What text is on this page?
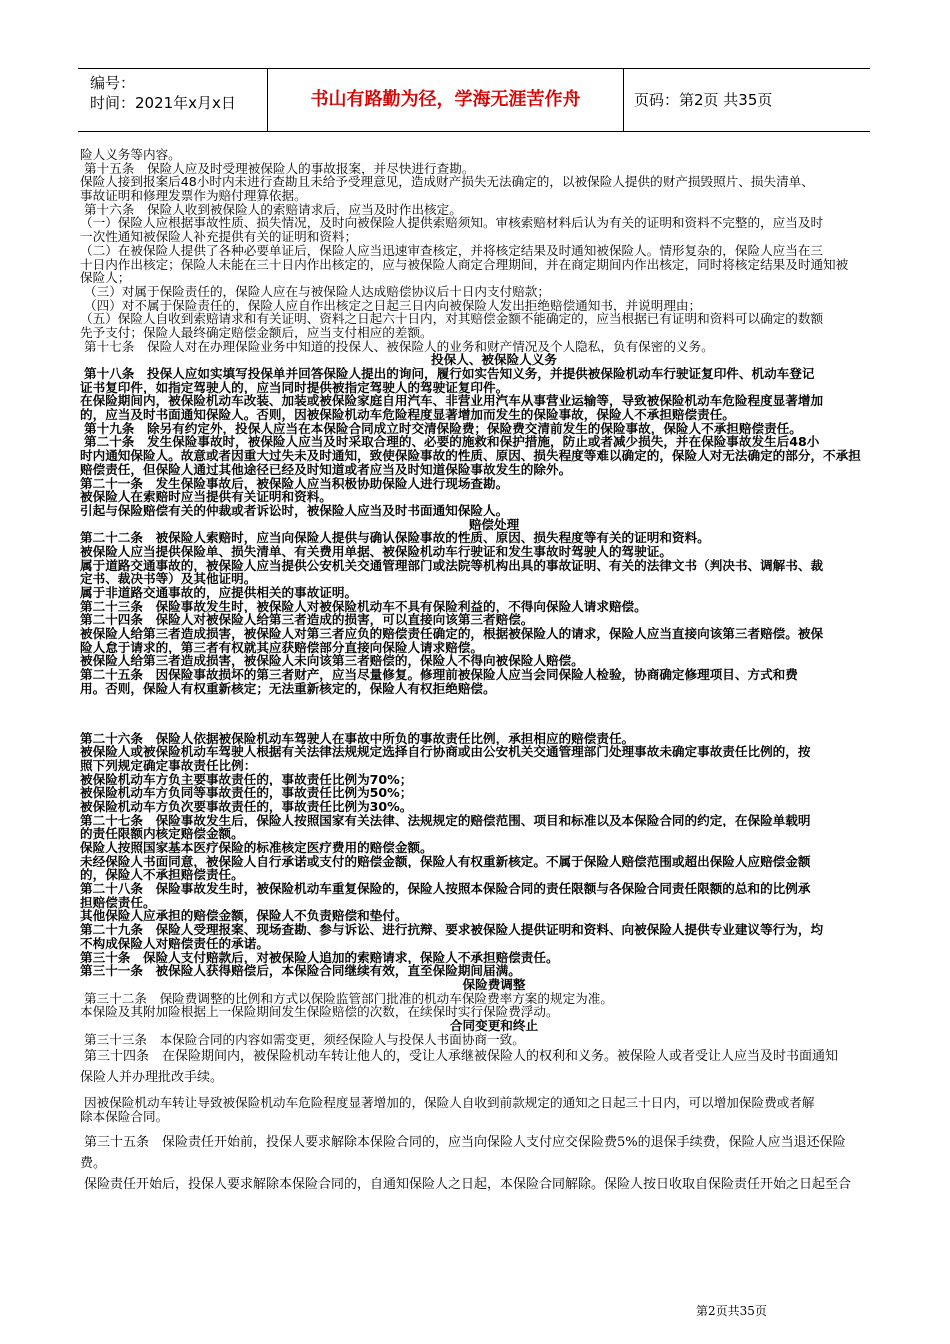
编号：
时间：2021年x月x日	书山有路勤为径，学海无涯苦作舟	页码：第2页 共35页
险人义务等内容。
第十五条　保险人应及时受理被保险人的事故报案，并尽快进行查勘。
保险人接到报案后48小时内未进行查勘且未给予受理意见，造成财产损失无法确定的，以被保险人提供的财产损毁照片、损失清单、
事故证明和修理发票作为赔付理算依据。
第十六条　保险人收到被保险人的索赔请求后，应当及时作出核定。
（一）保险人应根据事故性质、损失情况，及时向被保险人提供索赔须知。审核索赔材料后认为有关的证明和资料不完整的，应当及时
一次性通知被保险人补充提供有关的证明和资料；
（二）在被保险人提供了各种必要单证后，保险人应当迅速审查核定，并将核定结果及时通知被保险人。情形复杂的，保险人应当在三
十日内作出核定；保险人未能在三十日内作出核定的，应与被保险人商定合理期间，并在商定期间内作出核定，同时将核定结果及时通知被
保险人；
（三）对属于保险责任的，保险人应在与被保险人达成赔偿协议后十日内支付赔款；
（四）对不属于保险责任的，保险人应自作出核定之日起三日内向被保险人发出拒绝赔偿通知书，并说明理由；
（五）保险人自收到索赔请求和有关证明、资料之日起六十日内，对其赔偿金额不能确定的，应当根据已有证明和资料可以确定的数额
先予支付；保险人最终确定赔偿金额后，应当支付相应的差额。
第十七条　保险人对在办理保险业务中知道的投保人、被保险人的业务和财产情况及个人隐私，负有保密的义务。
投保人、被保险人义务
第十八条　投保人应如实填写投保单并回答保险人提出的询问，履行如实告知义务，并提供被保险机动车行驶证复印件、机动车登记
证书复印件，如指定驾驶人的，应当同时提供被指定驾驶人的驾驶证复印件。
在保险期间内，被保险机动车改装、加装或被保险家庭自用汽车、非营业用汽车从事营业运输等，导致被保险机动车危险程度显著增加
的，应当及时书面通知保险人。否则，因被保险机动车危险程度显著增加而发生的保险事故，保险人不承担赔偿责任。
第十九条　除另有约定外，投保人应当在本保险合同成立时交清保险费；保险费交清前发生的保险事故，保险人不承担赔偿责任。
第二十条　发生保险事故时，被保险人应当及时采取合理的、必要的施救和保护措施，防止或者减少损失，并在保险事故发生后48小
时内通知保险人。故意或者因重大过失未及时通知，致使保险事故的性质、原因、损失程度等难以确定的，保险人对无法确定的部分，不承担
赔偿责任，但保险人通过其他途径已经及时知道或者应当及时知道保险事故发生的除外。
第二十一条　发生保险事故后，被保险人应当积极协助保险人进行现场查勘。
被保险人在索赔时应当提供有关证明和资料。
引起与保险赔偿有关的仲裁或者诉讼时，被保险人应当及时书面通知保险人。
赔偿处理
第二十二条　被保险人索赔时，应当向保险人提供与确认保险事故的性质、原因、损失程度等有关的证明和资料。
被保险人应当提供保险单、损失清单、有关费用单据、被保险机动车行驶证和发生事故时驾驶人的驾驶证。
属于道路交通事故的，被保险人应当提供公安机关交通管理部门或法院等机构出具的事故证明、有关的法律文书（判决书、调解书、裁
定书、裁决书等）及其他证明。
属于非道路交通事故的，应提供相关的事故证明。
第二十三条　保险事故发生时，被保险人对被保险机动车不具有保险利益的，不得向保险人请求赔偿。
第二十四条　保险人对被保险人给第三者造成的损害，可以直接向该第三者赔偿。
被保险人给第三者造成损害，被保险人对第三者应负的赔偿责任确定的，根据被保险人的请求，保险人应当直接向该第三者赔偿。被保
险人怠于请求的，第三者有权就其应获赔偿部分直接向保险人请求赔偿。
被保险人给第三者造成损害，被保险人未向该第三者赔偿的，保险人不得向被保险人赔偿。
第二十五条　因保险事故损坏的第三者财产，应当尽量修复。修理前被保险人应当会同保险人检验，协商确定修理项目、方式和费
用。否则，保险人有权重新核定；无法重新核定的，保险人有权拒绝赔偿。
第二十六条　保险人依据被保险机动车驾驶人在事故中所负的事故责任比例，承担相应的赔偿责任。
被保险人或被保险机动车驾驶人根据有关法律法规规定选择自行协商或由公安机关交通管理部门处理事故未确定事故责任比例的，按
照下列规定确定事故责任比例：
被保险机动车方负主要事故责任的，事故责任比例为70%；
被保险机动车方负同等事故责任的，事故责任比例为50%；
被保险机动车方负次要事故责任的，事故责任比例为30%。
第二十七条　保险事故发生后，保险人按照国家有关法律、法规规定的赔偿范围、项目和标准以及本保险合同的约定，在保险单载明
的责任限额内核定赔偿金额。
保险人按照国家基本医疗保险的标准核定医疗费用的赔偿金额。
未经保险人书面同意，被保险人自行承诺或支付的赔偿金额，保险人有权重新核定。不属于保险人赔偿范围或超出保险人应赔偿金额
的，保险人不承担赔偿责任。
第二十八条　保险事故发生时，被保险机动车重复保险的，保险人按照本保险合同的责任限额与各保险合同责任限额的总和的比例承
担赔偿责任。
其他保险人应承担的赔偿金额，保险人不负责赔偿和垫付。
第二十九条　保险人受理报案、现场查勘、参与诉讼、进行抗辩、要求被保险人提供证明和资料、向被保险人提供专业建议等行为，均
不构成保险人对赔偿责任的承诺。
第三十条　保险人支付赔款后，对被保险人追加的索赔请求，保险人不承担赔偿责任。
第三十一条　被保险人获得赔偿后，本保险合同继续有效，直至保险期间届满。
保险费调整
第三十二条　保险费调整的比例和方式以保险监管部门批准的机动车保险费率方案的规定为准。
本保险及其附加险根据上一保险期间发生保险赔偿的次数，在续保时实行保险费浮动。
合同变更和终止
第三十三条　本保险合同的内容如需变更，须经保险人与投保人书面协商一致。
第三十四条　在保险期间内，被保险机动车转让他人的，受让人承继被保险人的权利和义务。被保险人或者受让人应当及时书面通知
保险人并办理批改手续。
因被保险机动车转让导致被保险机动车危险程度显著增加的，保险人自收到前款规定的通知之日起三十日内，可以增加保险费或者解
除本保险合同。
第三十五条　保险责任开始前，投保人要求解除本保险合同的，应当向保险人支付应交保险费5%的退保手续费，保险人应当退还保险
费。
保险责任开始后，投保人要求解除本保险合同的，自通知保险人之日起，本保险合同解除。保险人按日收取自保险责任开始之日起至合
第2页共35页
